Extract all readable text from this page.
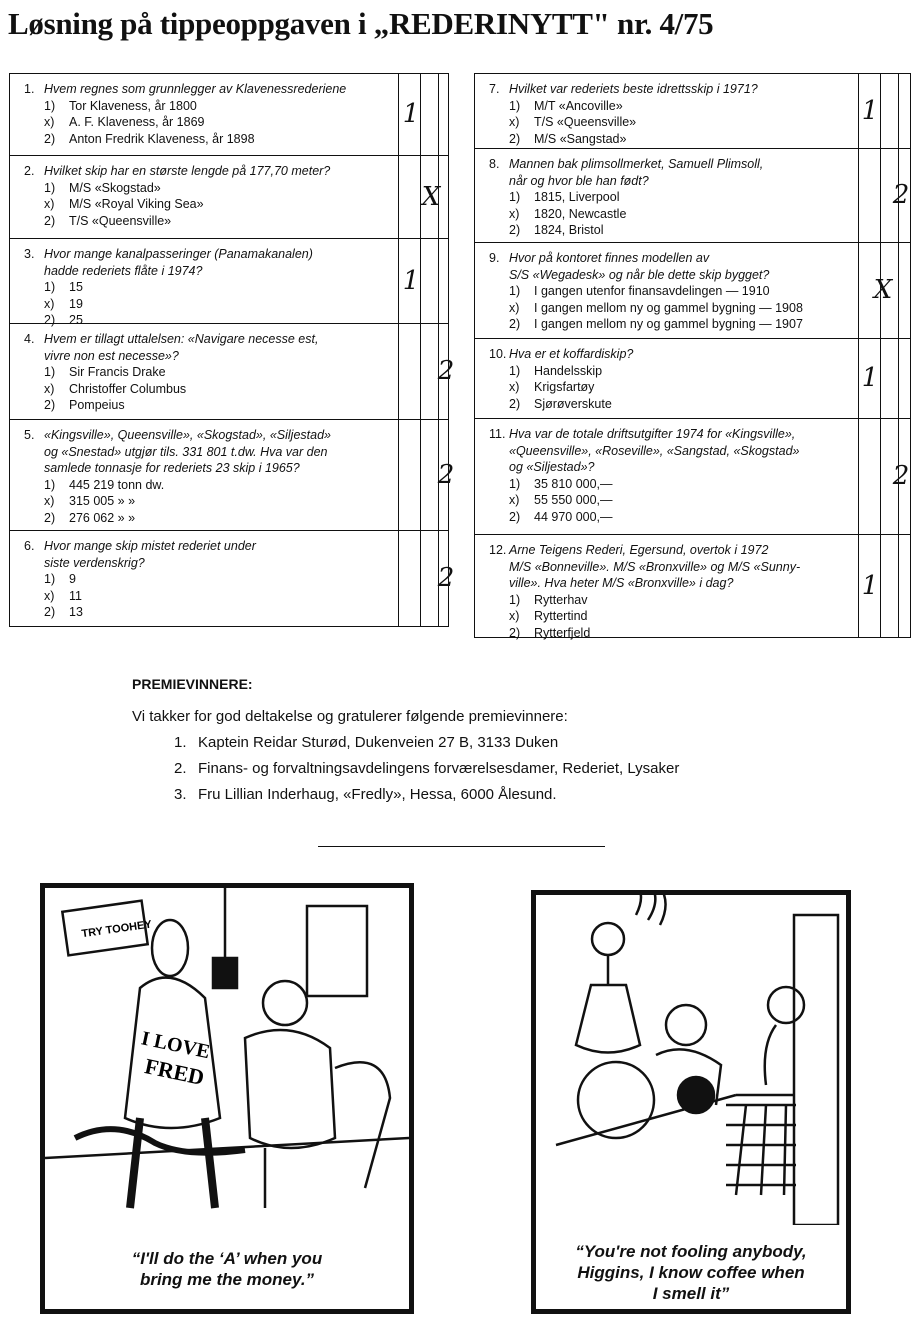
Løsning på tippeoppgaven i „REDERINYTT" nr. 4/75
1. Hvem regnes som grunnlegger av Klavenessrederiene
1)	Tor Klaveness, år 1800
x)	A. F. Klaveness, år 1869
2)	Anton Fredrik Klaveness, år 1898
1
2. Hvilket skip har en største lengde på 177,70 meter?
1)	M/S «Skogstad»
x)	M/S «Royal Viking Sea»
2)	T/S «Queensville»
X
3. Hvor mange kanalpasseringer (Panamakanalen)
hadde rederiets flåte i 1974?
1)	15
x)	19
2)	25
1
4. Hvem er tillagt uttalelsen: «Navigare necesse est,
vivre non est necesse»?
1)	Sir Francis Drake
x)	Christoffer Columbus
2)	Pompeius
2
5. «Kingsville», Queensville», «Skogstad», «Siljestad»
og «Snestad» utgjør tils. 331 801 t.dw. Hva var den
samlede tonnasje for rederiets 23 skip i 1965?
1)	445 219 tonn dw.
x)	315 005 » »
2)	276 062 » »
2
6. Hvor mange skip mistet rederiet under
siste verdenskrig?
1)	9
x)	11
2)	13
2
7. Hvilket var rederiets beste idrettsskip i 1971?
1)	M/T «Ancoville»
x)	T/S «Queensville»
2)	M/S «Sangstad»
1
8. Mannen bak plimsollmerket, Samuell Plimsoll,
når og hvor ble han født?
1)	1815, Liverpool
x)	1820, Newcastle
2)	1824, Bristol
2
9. Hvor på kontoret finnes modellen av
S/S «Wegadesk» og når ble dette skip bygget?
1)	I gangen utenfor finansavdelingen — 1910
x)	I gangen mellom ny og gammel bygning — 1908
2)	I gangen mellom ny og gammel bygning — 1907
X
10. Hva er et koffardiskip?
1)	Handelsskip
x)	Krigsfartøy
2)	Sjørøverskute
1
11. Hva var de totale driftsutgifter 1974 for «Kingsville»,
«Queensville», «Roseville», «Sangstad, «Skogstad»
og «Siljestad»?
1)	35 810 000,—
x)	55 550 000,—
2)	44 970 000,—
2
12. Arne Teigens Rederi, Egersund, overtok i 1972
M/S «Bonneville». M/S «Bronxville» og M/S «Sunny-
ville». Hva heter M/S «Bronxville» i dag?
1)	Rytterhav
x)	Ryttertind
2)	Rytterfjeld
1
PREMIEVINNERE:
Vi takker for god deltakelse og gratulerer følgende premievinnere:
1. Kaptein Reidar Sturød, Dukenveien 27 B, 3133 Duken
2. Finans- og forvaltningsavdelingens forværelsesdamer, Rederiet, Lysaker
3. Fru Lillian Inderhaug, «Fredly», Hessa, 6000 Ålesund.
TRY TOOHEY
I LOVE
FRED
“I'll do the ‘A’ when you
bring me the money.”
“You're not fooling anybody,
Higgins, I know coffee when
I smell it”
